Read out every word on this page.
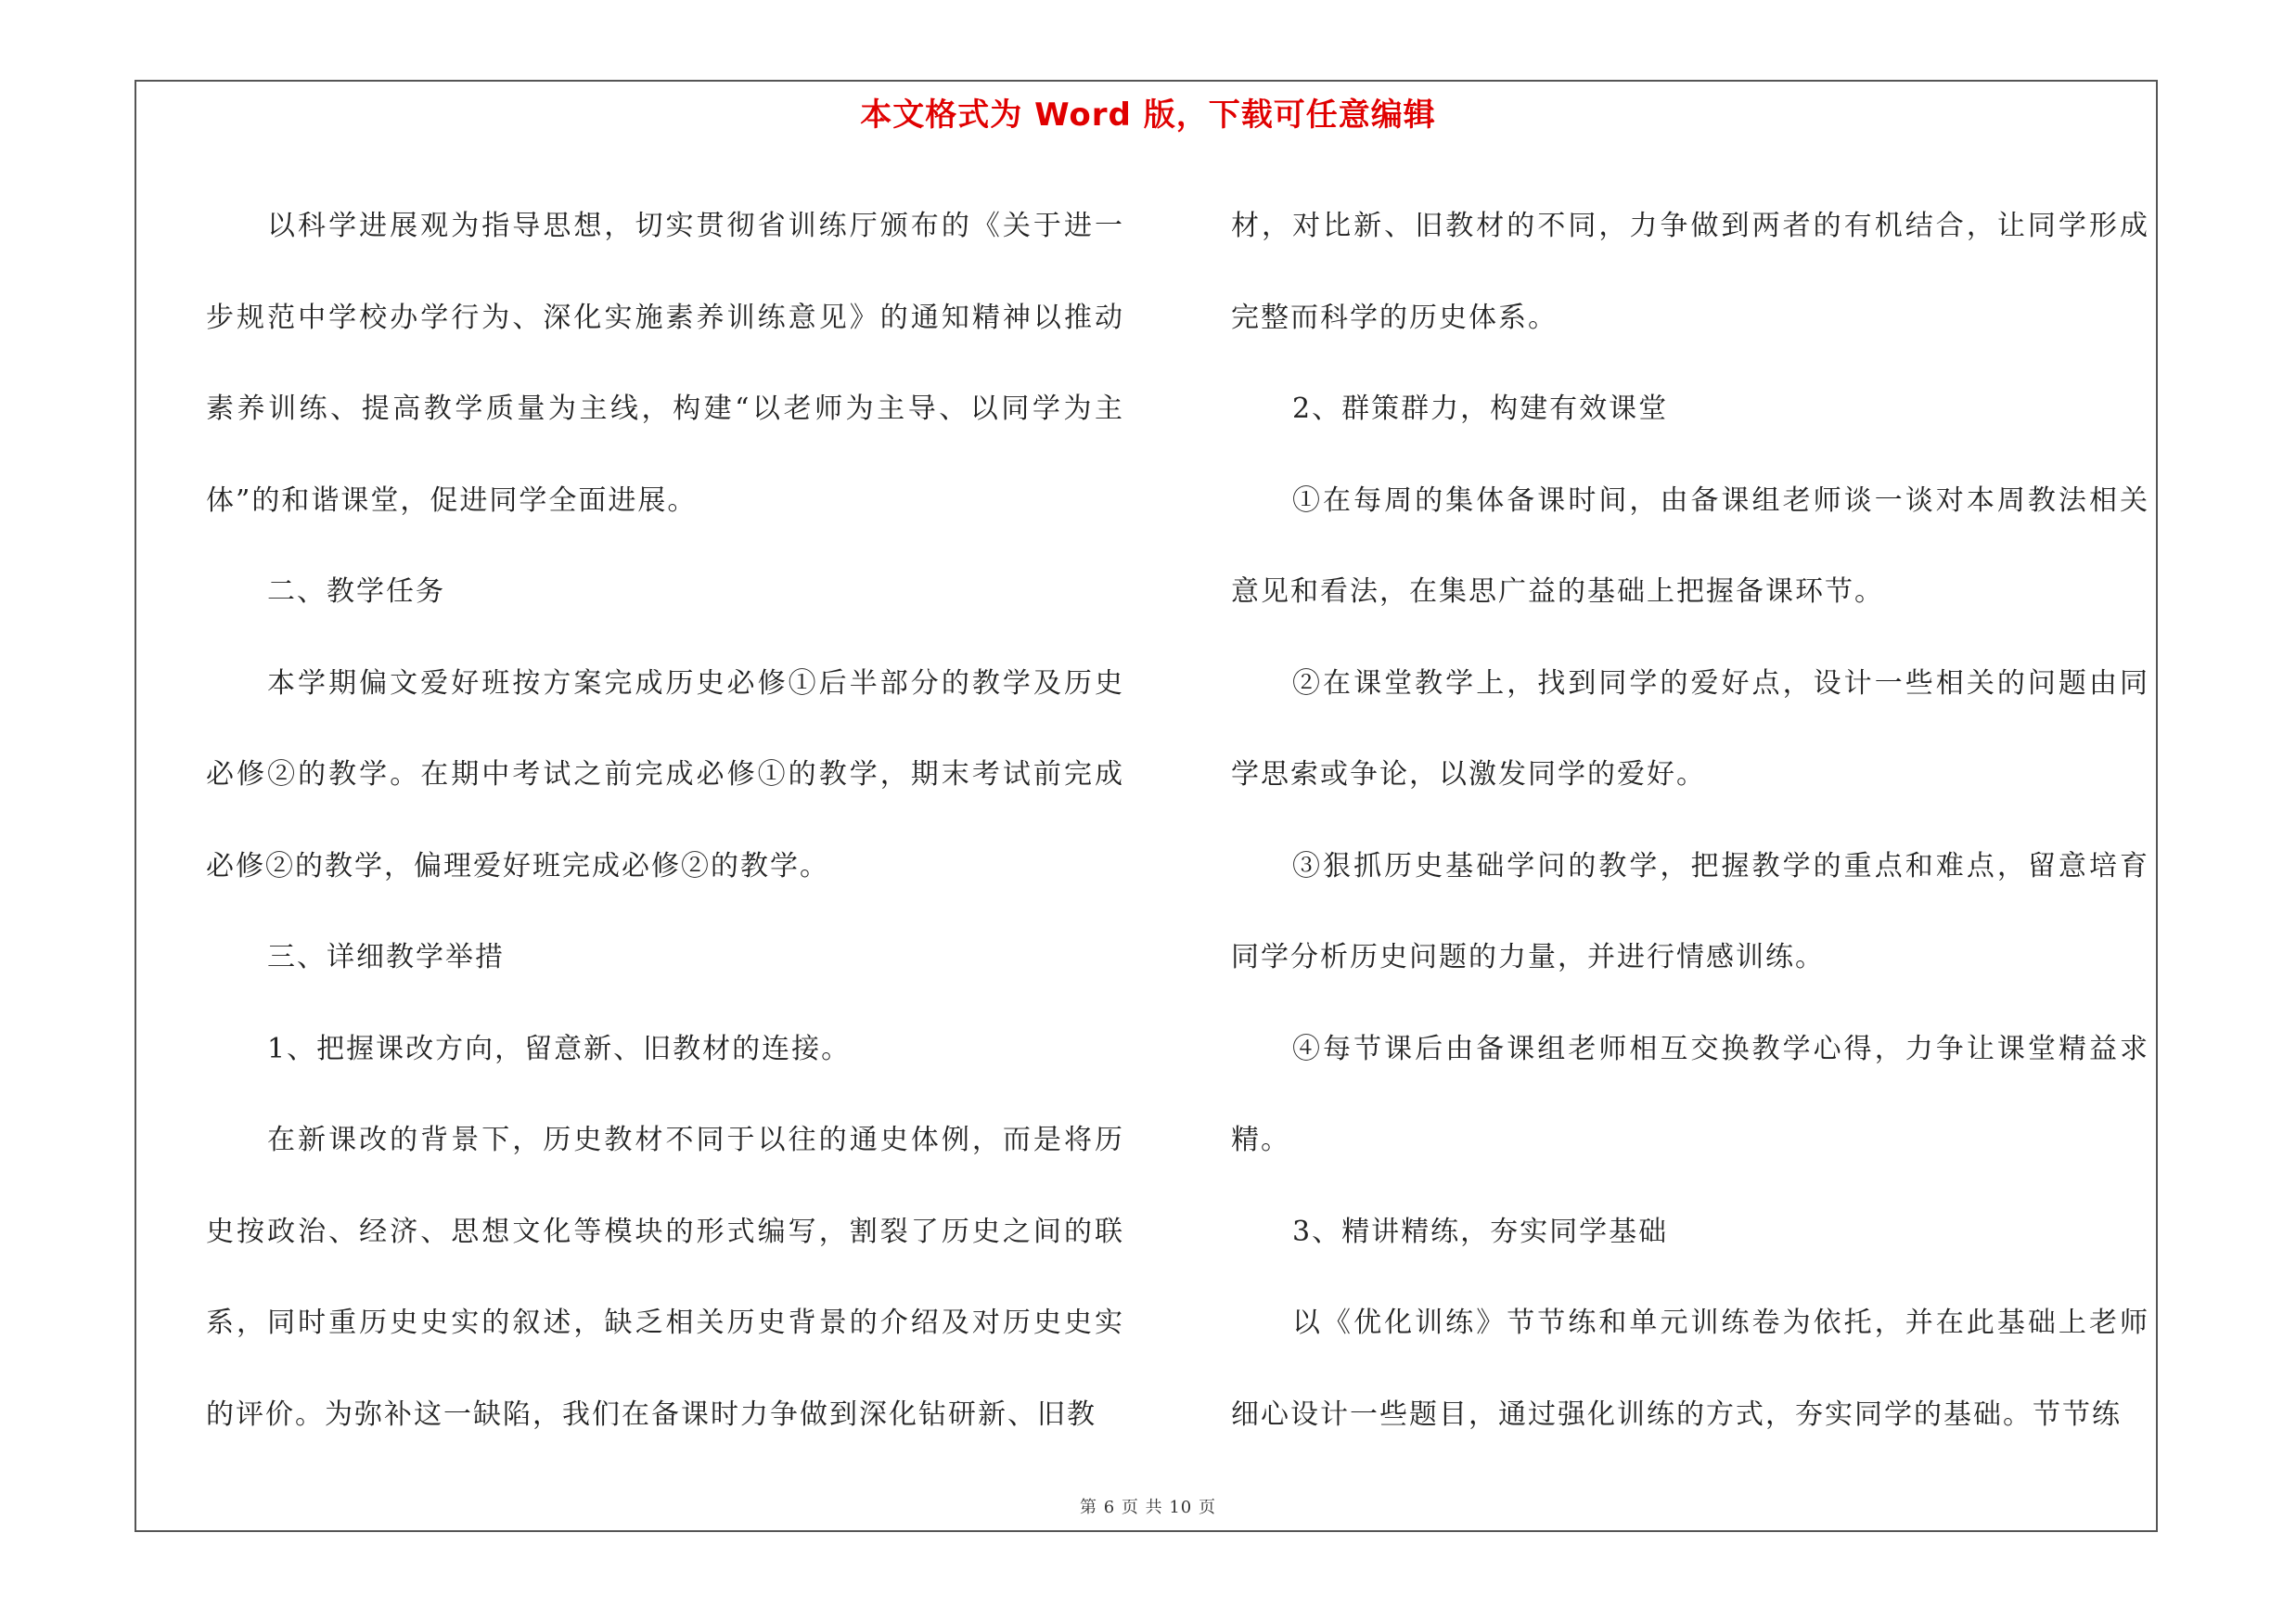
本文格式为 Word 版，下载可任意编辑

以科学进展观为指导思想，切实贯彻省训练厅颁布的《关于进一步规范中学校办学行为、深化实施素养训练意见》的通知精神以推动素养训练、提高教学质量为主线，构建“以老师为主导、以同学为主体”的和谐课堂，促进同学全面进展。

二、教学任务

本学期偏文爱好班按方案完成历史必修①后半部分的教学及历史必修②的教学。在期中考试之前完成必修①的教学，期末考试前完成必修②的教学，偏理爱好班完成必修②的教学。

三、详细教学举措

1、把握课改方向，留意新、旧教材的连接。

在新课改的背景下，历史教材不同于以往的通史体例，而是将历史按政治、经济、思想文化等模块的形式编写，割裂了历史之间的联系，同时重历史史实的叙述，缺乏相关历史背景的介绍及对历史史实的评价。为弥补这一缺陷，我们在备课时力争做到深化钻研新、旧教

材，对比新、旧教材的不同，力争做到两者的有机结合，让同学形成完整而科学的历史体系。

2、群策群力，构建有效课堂

①在每周的集体备课时间，由备课组老师谈一谈对本周教法相关意见和看法，在集思广益的基础上把握备课环节。

②在课堂教学上，找到同学的爱好点，设计一些相关的问题由同学思索或争论，以激发同学的爱好。

③狠抓历史基础学问的教学，把握教学的重点和难点，留意培育同学分析历史问题的力量，并进行情感训练。

④每节课后由备课组老师相互交换教学心得，力争让课堂精益求精。

3、精讲精练，夯实同学基础

以《优化训练》节节练和单元训练卷为依托，并在此基础上老师细心设计一些题目，通过强化训练的方式，夯实同学的基础。节节练

第 6 页 共 10 页
